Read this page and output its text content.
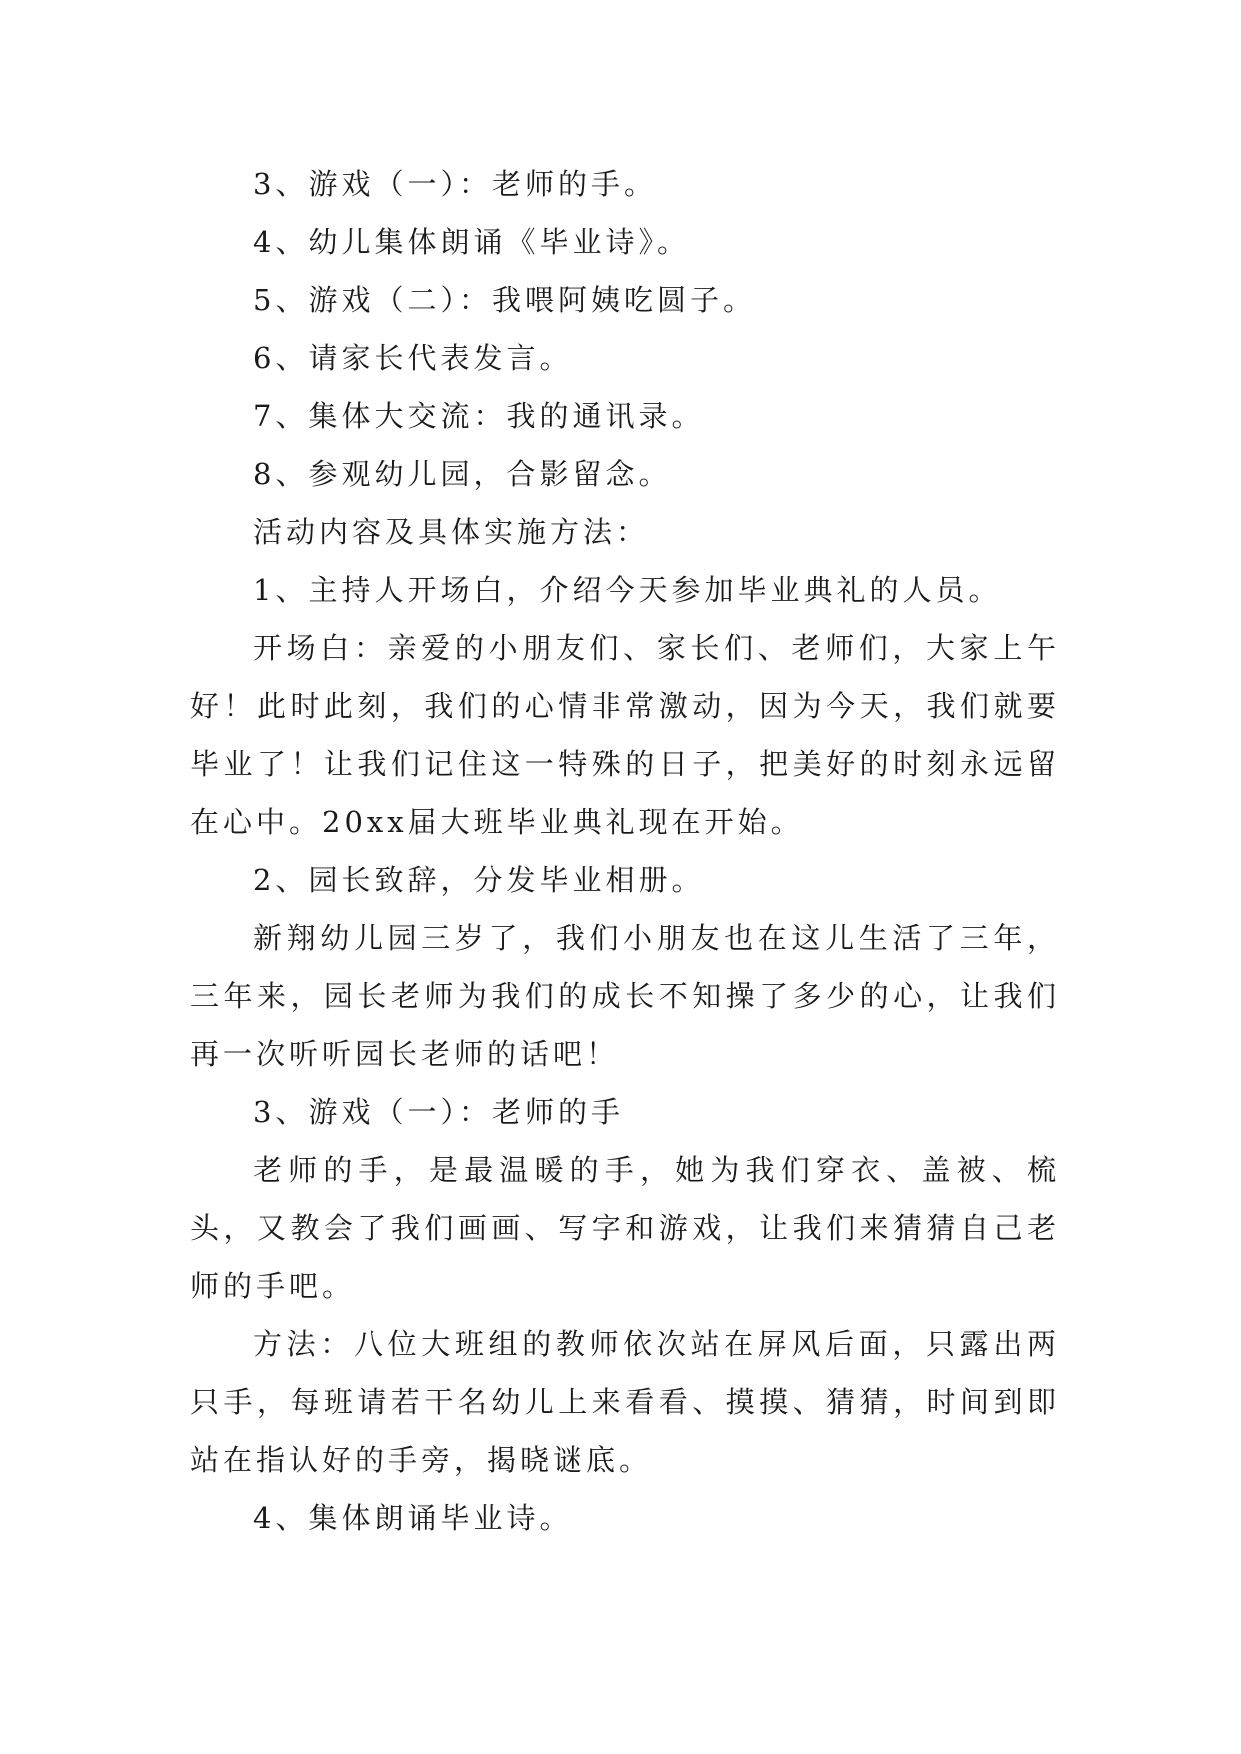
3、游戏（一）：老师的手。

4、幼儿集体朗诵《毕业诗》。

5、游戏（二）：我喂阿姨吃圆子。

6、请家长代表发言。

7、集体大交流：我的通讯录。

8、参观幼儿园，合影留念。

活动内容及具体实施方法：

1、主持人开场白，介绍今天参加毕业典礼的人员。

开场白：亲爱的小朋友们、家长们、老师们，大家上午好！此时此刻，我们的心情非常激动，因为今天，我们就要毕业了！让我们记住这一特殊的日子，把美好的时刻永远留在心中。20xx届大班毕业典礼现在开始。

2、园长致辞，分发毕业相册。

新翔幼儿园三岁了，我们小朋友也在这儿生活了三年，三年来，园长老师为我们的成长不知操了多少的心，让我们再一次听听园长老师的话吧！

3、游戏（一）：老师的手

老师的手，是最温暖的手，她为我们穿衣、盖被、梳头，又教会了我们画画、写字和游戏，让我们来猜猜自己老师的手吧。

方法：八位大班组的教师依次站在屏风后面，只露出两只手，每班请若干名幼儿上来看看、摸摸、猜猜，时间到即站在指认好的手旁，揭晓谜底。

4、集体朗诵毕业诗。
